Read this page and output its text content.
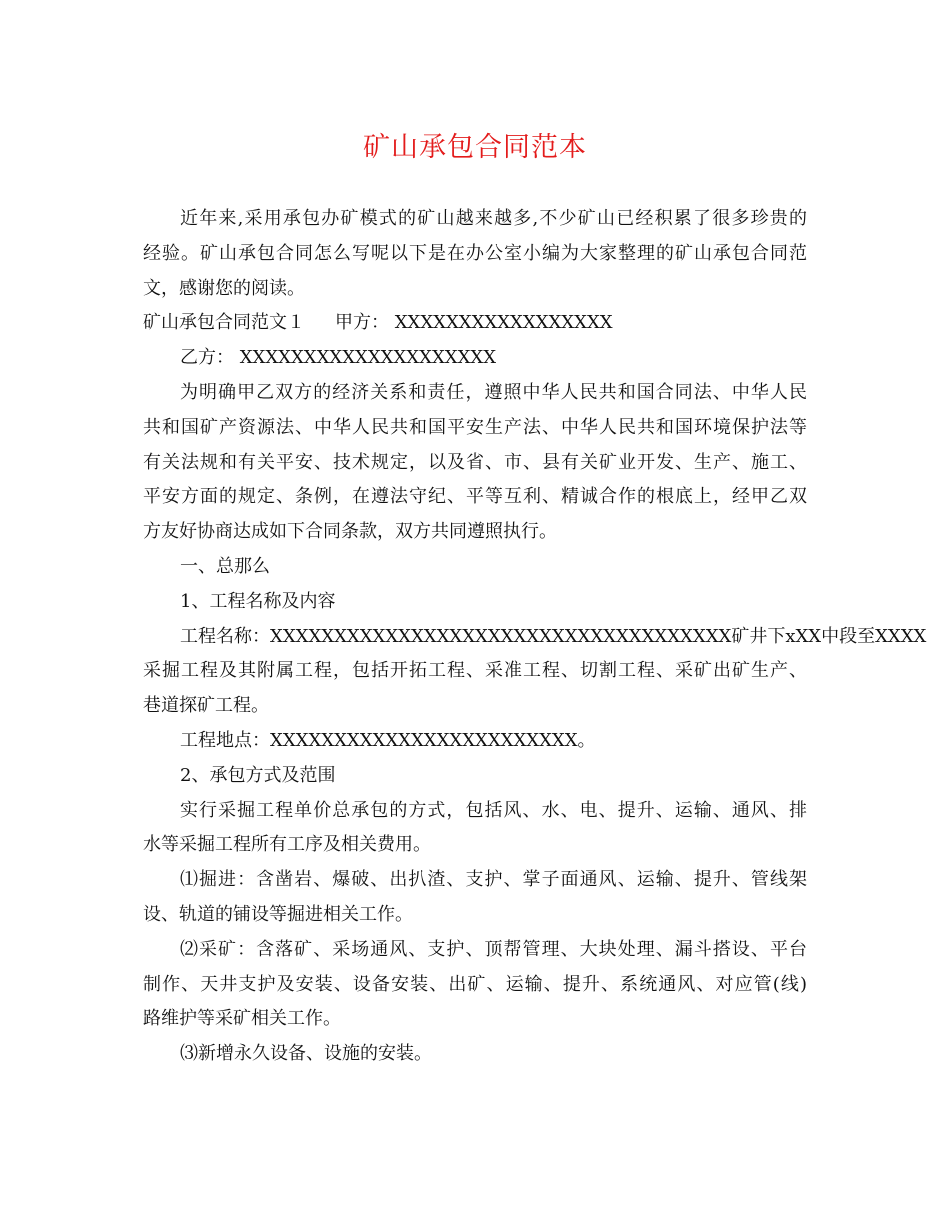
矿山承包合同范本
近年来,采用承包办矿模式的矿山越来越多,不少矿山已经积累了很多珍贵的
经验。矿山承包合同怎么写呢以下是在办公室小编为大家整理的矿山承包合同范
文，感谢您的阅读。
矿山承包合同范文１ 甲方： XXXXXXXXXXXXXXXXX
乙方： XXXXXXXXXXXXXXXXXXXX
为明确甲乙双方的经济关系和责任，遵照中华人民共和国合同法、中华人民
共和国矿产资源法、中华人民共和国平安生产法、中华人民共和国环境保护法等
有关法规和有关平安、技术规定，以及省、市、县有关矿业开发、生产、施工、
平安方面的规定、条例，在遵法守纪、平等互利、精诚合作的根底上，经甲乙双
方友好协商达成如下合同条款，双方共同遵照执行。
一、总那么
1、工程名称及内容
工程名称：XXXXXXXXXXXXXXXXXXXXXXXXXXXXXXXXXXXX矿井下xXX中段至XXXX
采掘工程及其附属工程，包括开拓工程、采准工程、切割工程、采矿出矿生产、
巷道探矿工程。
工程地点：XXXXXXXXXXXXXXXXXXXXXXXX。
2、承包方式及范围
实行采掘工程单价总承包的方式，包括风、水、电、提升、运输、通风、排
水等采掘工程所有工序及相关费用。
⑴掘进：含凿岩、爆破、出扒渣、支护、掌子面通风、运输、提升、管线架
设、轨道的铺设等掘进相关工作。
⑵采矿：含落矿、采场通风、支护、顶帮管理、大块处理、漏斗搭设、平台
制作、天井支护及安装、设备安装、出矿、运输、提升、系统通风、对应管(线)
路维护等采矿相关工作。
⑶新增永久设备、设施的安装。
